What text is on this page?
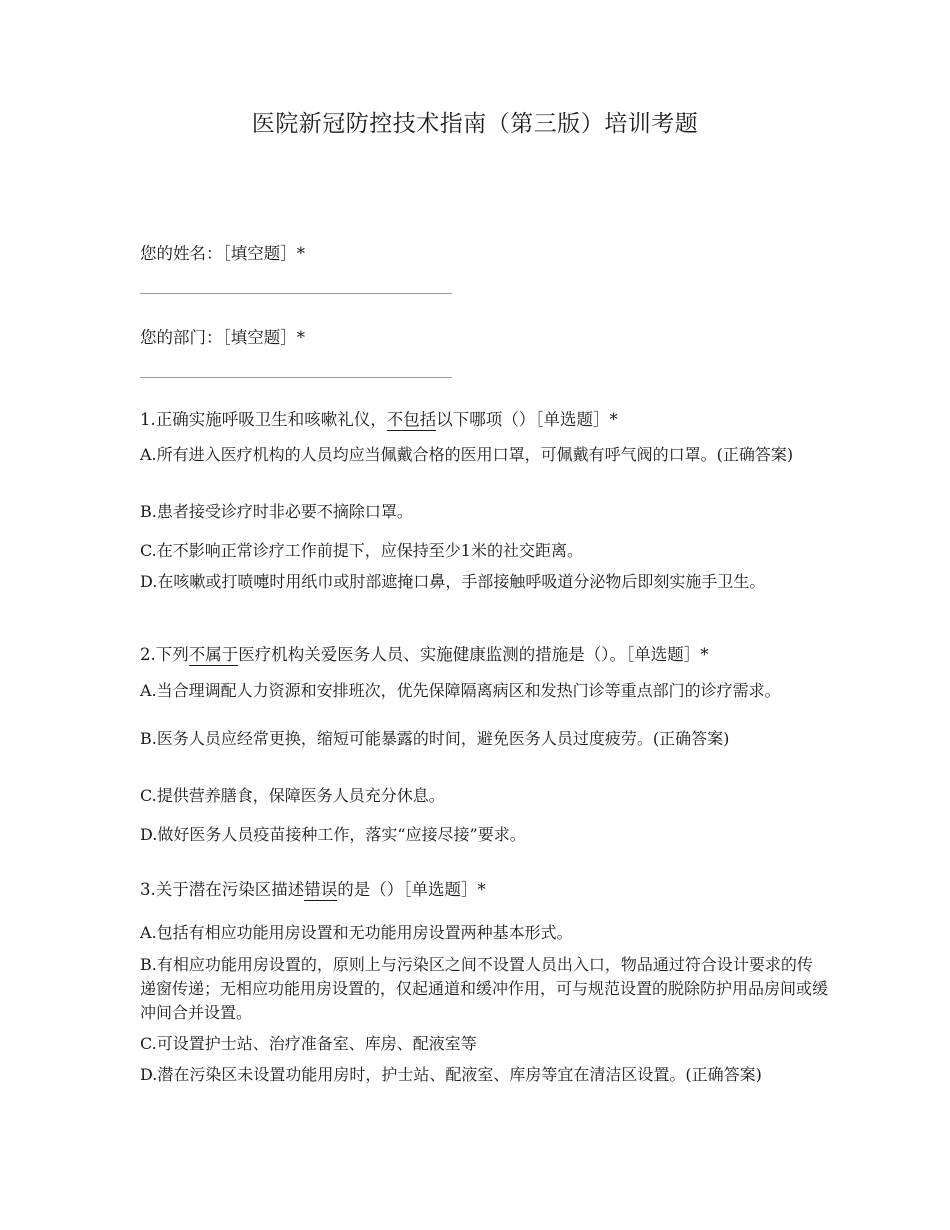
医院新冠防控技术指南（第三版）培训考题
您的姓名：［填空题］*
您的部门：［填空题］*
1.正确实施呼吸卫生和咳嗽礼仪，不包括以下哪项（）［单选题］*
A.所有进入医疗机构的人员均应当佩戴合格的医用口罩，可佩戴有呼气阀的口罩。(正确答案)
B.患者接受诊疗时非必要不摘除口罩。
C.在不影响正常诊疗工作前提下，应保持至少1米的社交距离。
D.在咳嗽或打喷嚏时用纸巾或肘部遮掩口鼻，手部接触呼吸道分泌物后即刻实施手卫生。
2.下列不属于医疗机构关爱医务人员、实施健康监测的措施是（）。［单选题］*
A.当合理调配人力资源和安排班次，优先保障隔离病区和发热门诊等重点部门的诊疗需求。
B.医务人员应经常更换，缩短可能暴露的时间，避免医务人员过度疲劳。(正确答案)
C.提供营养膳食，保障医务人员充分休息。
D.做好医务人员疫苗接种工作，落实“应接尽接”要求。
3.关于潜在污染区描述错误的是（）［单选题］*
A.包括有相应功能用房设置和无功能用房设置两种基本形式。
B.有相应功能用房设置的，原则上与污染区之间不设置人员出入口，物品通过符合设计要求的传递窗传递；无相应功能用房设置的，仅起通道和缓冲作用，可与规范设置的脱除防护用品房间或缓冲间合并设置。
C.可设置护士站、治疗准备室、库房、配液室等
D.潜在污染区未设置功能用房时，护士站、配液室、库房等宜在清洁区设置。(正确答案)
